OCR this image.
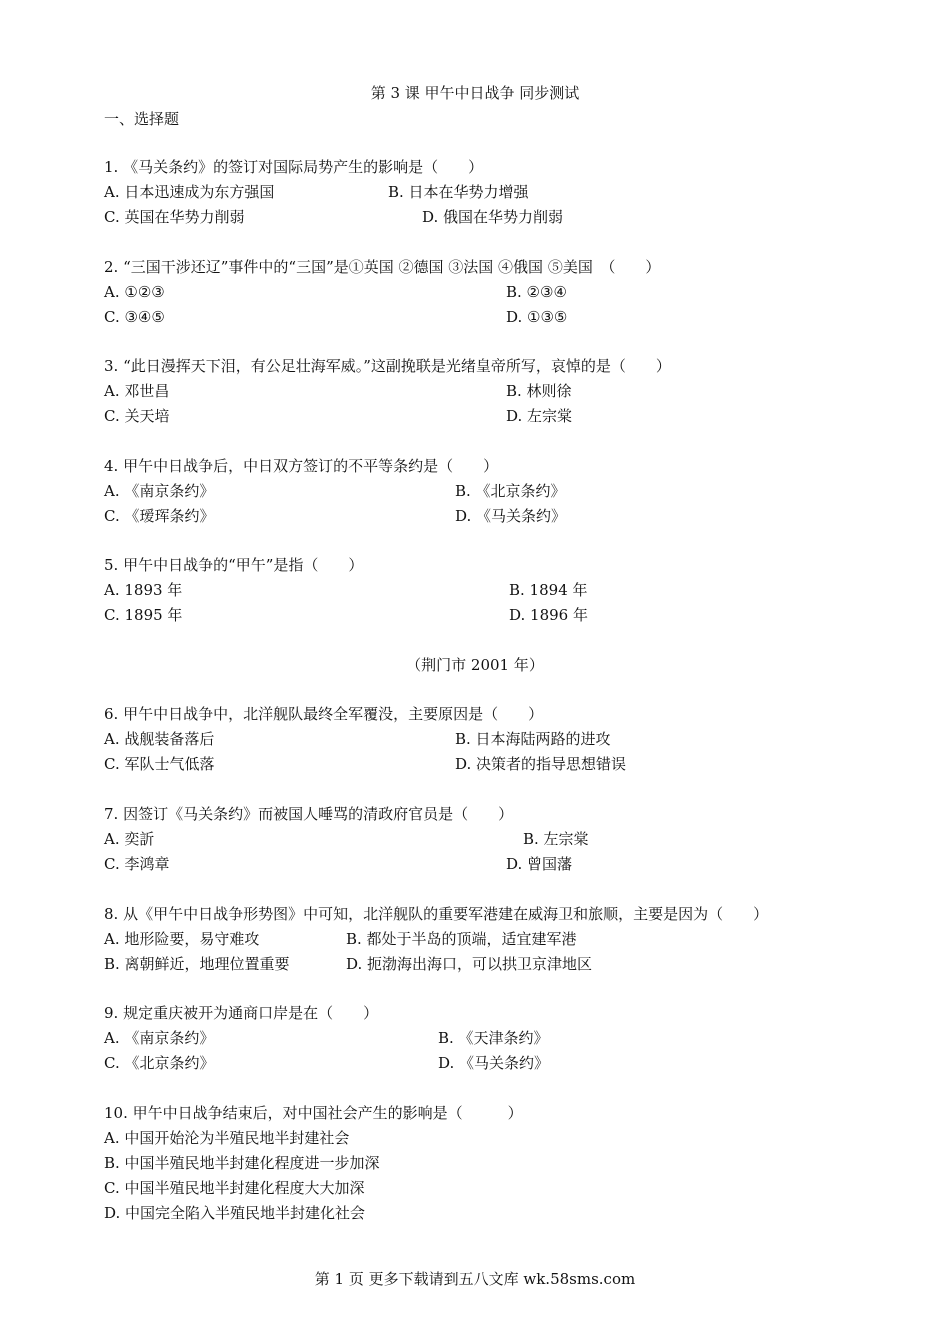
第 3 课 甲午中日战争 同步测试
一、选择题
1. 《马关条约》的签订对国际局势产生的影响是（　　）
A. 日本迅速成为东方强国	B. 日本在华势力增强
C. 英国在华势力削弱	D. 俄国在华势力削弱
2. “三国干涉还辽”事件中的“三国”是①英国 ②德国 ③法国 ④俄国 ⑤美国　（　　）
A. ①②③	B. ②③④
C. ③④⑤	D. ①③⑤
3. “此日漫挥天下泪，有公足壮海军威。”这副挽联是光绪皇帝所写，哀悼的是（　　）
A. 邓世昌	B. 林则徐
C. 关天培	D. 左宗棠
4. 甲午中日战争后，中日双方签订的不平等条约是（　　）
A. 《南京条约》	B. 《北京条约》
C. 《瑷珲条约》	D. 《马关条约》
5. 甲午中日战争的“甲午”是指（　　）
A. 1893 年	B. 1894 年
C. 1895 年	D. 1896 年
（荆门市 2001 年）
6. 甲午中日战争中，北洋舰队最终全军覆没，主要原因是（　　）
A. 战舰装备落后	B. 日本海陆两路的进攻
C. 军队士气低落	D. 决策者的指导思想错误
7. 因签订《马关条约》而被国人唾骂的清政府官员是（　　）
A. 奕訢	B. 左宗棠
C. 李鸿章	D. 曾国藩
8. 从《甲午中日战争形势图》中可知，北洋舰队的重要军港建在威海卫和旅顺，主要是因为（　　）
A. 地形险要，易守难攻	B. 都处于半岛的顶端，适宜建军港
B. 离朝鲜近，地理位置重要	D. 扼渤海出海口，可以拱卫京津地区
9. 规定重庆被开为通商口岸是在（　　）
A. 《南京条约》	B. 《天津条约》
C. 《北京条约》	D. 《马关条约》
10. 甲午中日战争结束后，对中国社会产生的影响是（　　　）
A. 中国开始沦为半殖民地半封建社会
B. 中国半殖民地半封建化程度进一步加深
C. 中国半殖民地半封建化程度大大加深
D. 中国完全陷入半殖民地半封建化社会
第 1 页 更多下载请到五八文库 wk.58sms.com
